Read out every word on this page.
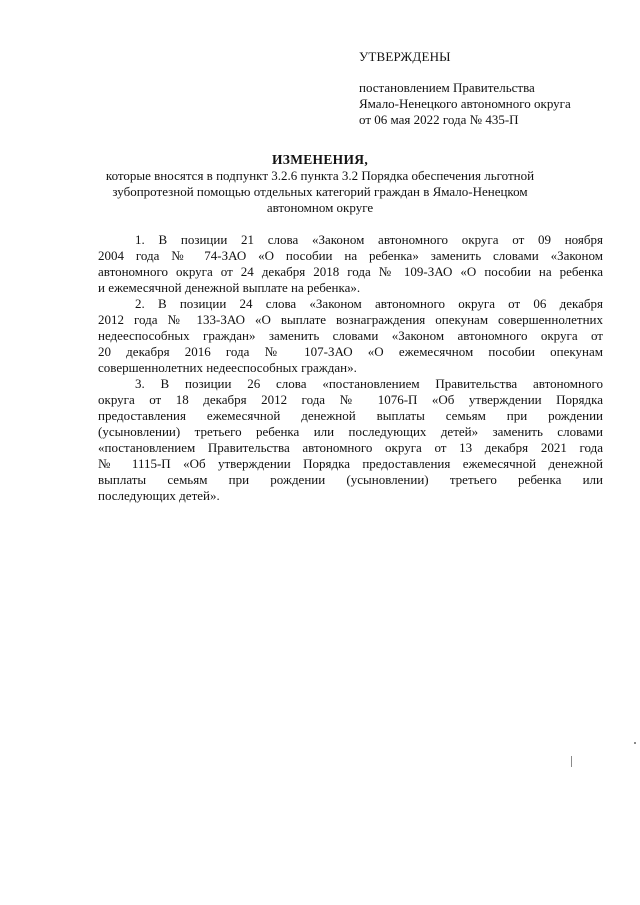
УТВЕРЖДЕНЫ
постановлением Правительства
Ямало-Ненецкого автономного округа
от 06 мая 2022 года № 435-П
ИЗМЕНЕНИЯ,
которые вносятся в подпункт 3.2.6 пункта 3.2 Порядка обеспечения льготной
зубопротезной помощью отдельных категорий граждан в Ямало-Ненецком
автономном округе
1. В позиции 21 слова «Законом автономного округа от 09 ноября
2004 года № 74-ЗАО «О пособии на ребенка» заменить словами «Законом
автономного округа от 24 декабря 2018 года № 109-ЗАО «О пособии на ребенка
и ежемесячной денежной выплате на ребенка».
2. В позиции 24 слова «Законом автономного округа от 06 декабря
2012 года № 133-ЗАО «О выплате вознаграждения опекунам совершеннолетних
недееспособных граждан» заменить словами «Законом автономного округа от
20 декабря 2016 года № 107-ЗАО «О ежемесячном пособии опекунам
совершеннолетних недееспособных граждан».
3. В позиции 26 слова «постановлением Правительства автономного
округа от 18 декабря 2012 года № 1076-П «Об утверждении Порядка
предоставления ежемесячной денежной выплаты семьям при рождении
(усыновлении) третьего ребенка или последующих детей» заменить словами
«постановлением Правительства автономного округа от 13 декабря 2021 года
№ 1115-П «Об утверждении Порядка предоставления ежемесячной денежной
выплаты семьям при рождении (усыновлении) третьего ребенка или
последующих детей».
